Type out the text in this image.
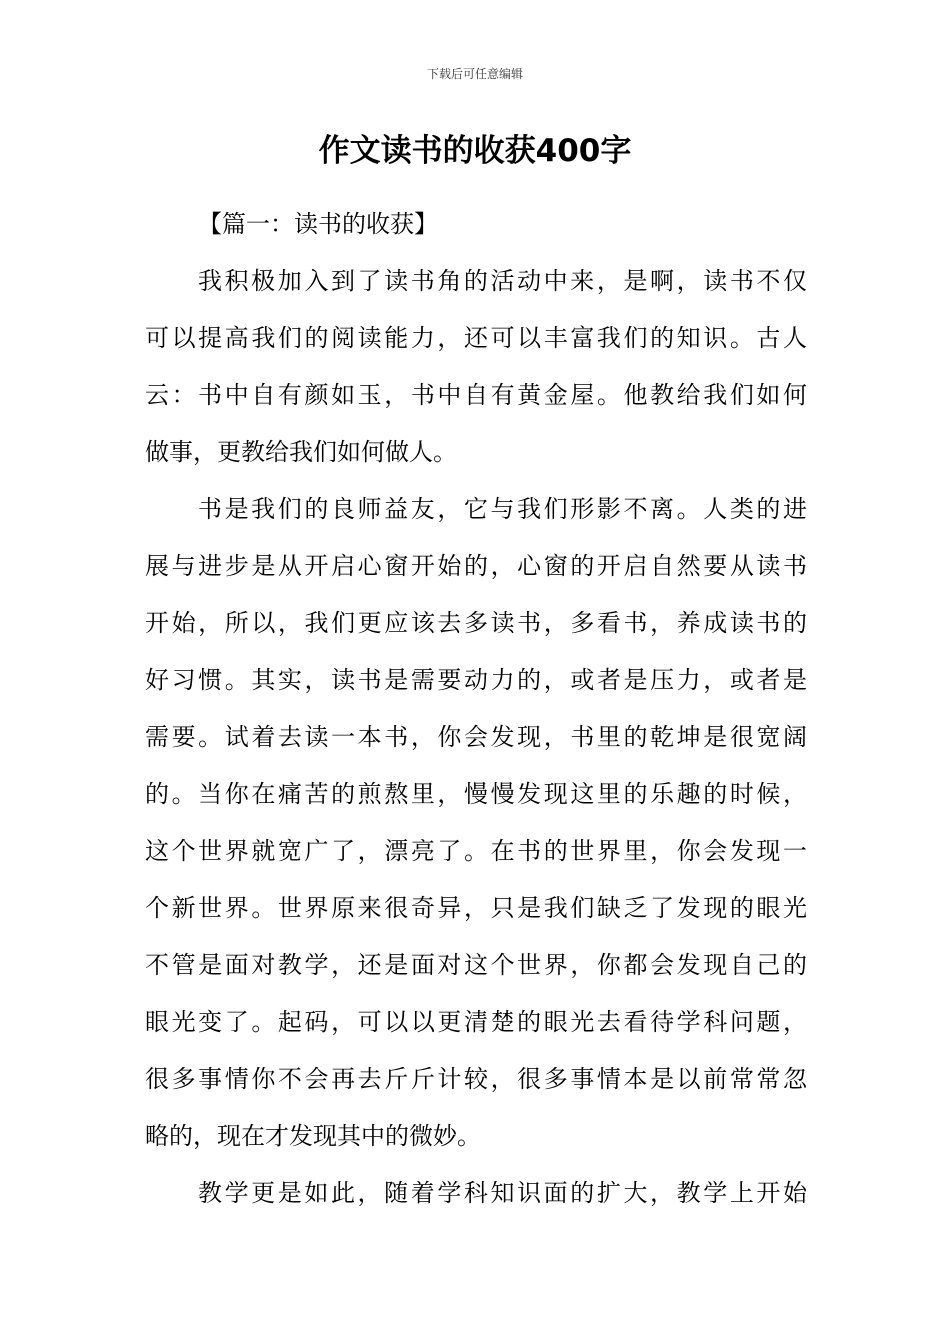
下载后可任意编辑
作文读书的收获400字
【篇一：读书的收获】
我积极加入到了读书角的活动中来，是啊，读书不仅
可以提高我们的阅读能力，还可以丰富我们的知识。古人
云：书中自有颜如玉，书中自有黄金屋。他教给我们如何
做事，更教给我们如何做人。
书是我们的良师益友，它与我们形影不离。人类的进
展与进步是从开启心窗开始的，心窗的开启自然要从读书
开始，所以，我们更应该去多读书，多看书，养成读书的
好习惯。其实，读书是需要动力的，或者是压力，或者是
需要。试着去读一本书，你会发现，书里的乾坤是很宽阔
的。当你在痛苦的煎熬里，慢慢发现这里的乐趣的时候，
这个世界就宽广了，漂亮了。在书的世界里，你会发现一
个新世界。世界原来很奇异，只是我们缺乏了发现的眼光
不管是面对教学，还是面对这个世界，你都会发现自己的
眼光变了。起码，可以以更清楚的眼光去看待学科问题，
很多事情你不会再去斤斤计较，很多事情本是以前常常忽
略的，现在才发现其中的微妙。
教学更是如此，随着学科知识面的扩大，教学上开始
